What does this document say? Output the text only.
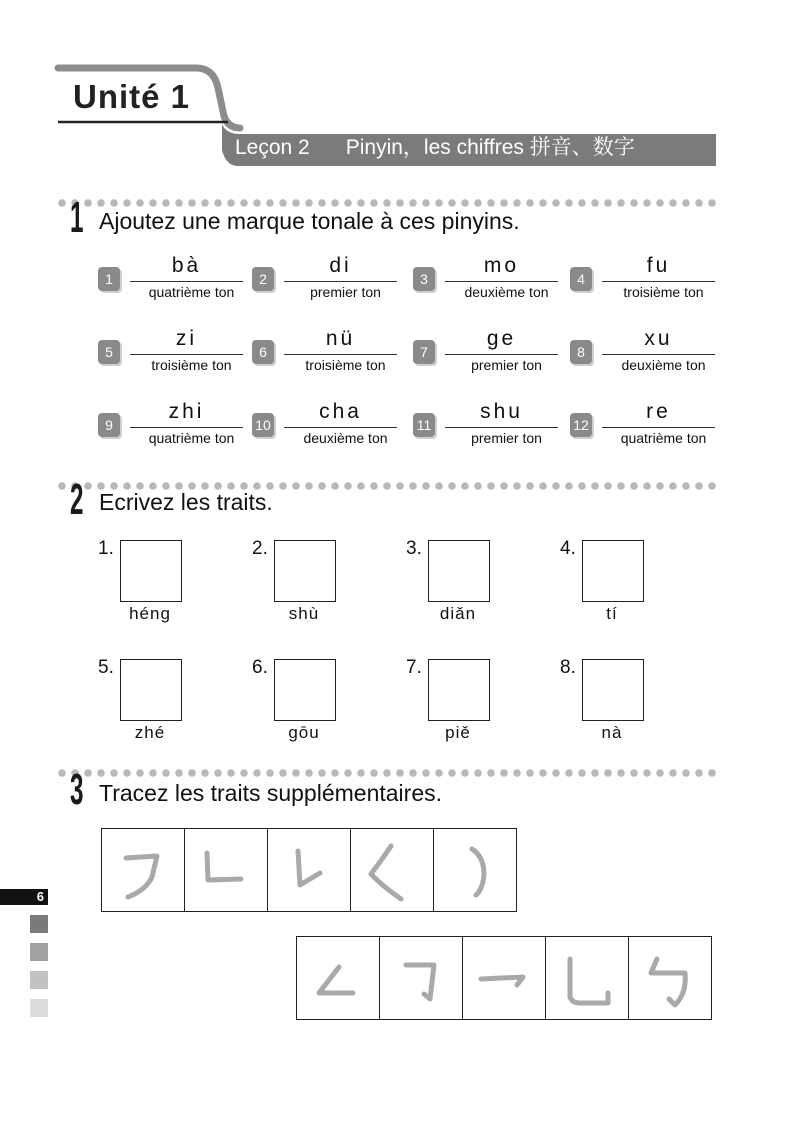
Unité 1
Leçon 2 Pinyin，les chiffres 拼音、数字
1 Ajoutez une marque tonale à ces pinyins.
1
bà
quatrième ton
2
di
premier ton
3
mo
deuxième ton
4
fu
troisième ton
5
zi
troisième ton
6
nü
troisième ton
7
ge
premier ton
8
xu
deuxième ton
9
zhi
quatrième ton
10
cha
deuxième ton
11
shu
premier ton
12
re
quatrième ton
2 Ecrivez les traits.
1.
héng
2.
shù
3.
diǎn
4.
tí
5.
zhé
6.
gōu
7.
piě
8.
nà
3 Tracez les traits supplémentaires.
6
